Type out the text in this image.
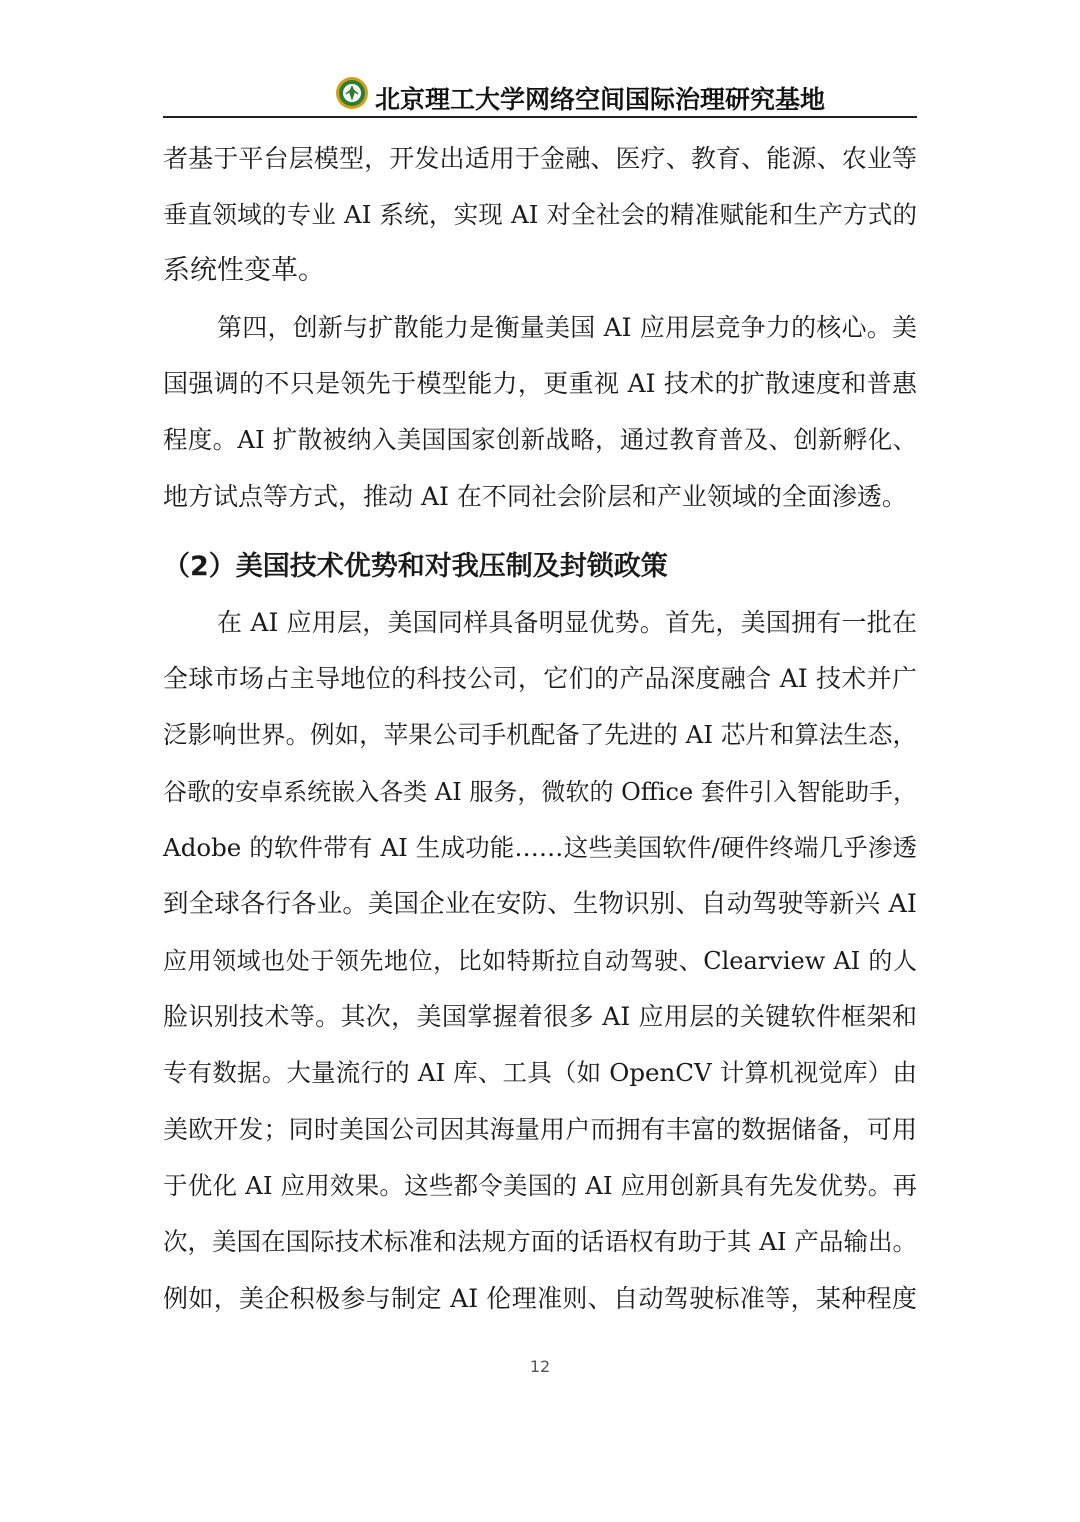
北京理工大学网络空间国际治理研究基地
者基于平台层模型，开发出适用于金融、医疗、教育、能源、农业等
垂直领域的专业 AI 系统，实现 AI 对全社会的精准赋能和生产方式的
系统性变革。
第四，创新与扩散能力是衡量美国 AI 应用层竞争力的核心。美
国强调的不只是领先于模型能力，更重视 AI 技术的扩散速度和普惠
程度。AI 扩散被纳入美国国家创新战略，通过教育普及、创新孵化、
地方试点等方式，推动 AI 在不同社会阶层和产业领域的全面渗透。
（2）美国技术优势和对我压制及封锁政策
在 AI 应用层，美国同样具备明显优势。首先，美国拥有一批在
全球市场占主导地位的科技公司，它们的产品深度融合 AI 技术并广
泛影响世界。例如，苹果公司手机配备了先进的 AI 芯片和算法生态，
谷歌的安卓系统嵌入各类 AI 服务，微软的 Office 套件引入智能助手，
Adobe 的软件带有 AI 生成功能……这些美国软件/硬件终端几乎渗透
到全球各行各业。美国企业在安防、生物识别、自动驾驶等新兴 AI
应用领域也处于领先地位，比如特斯拉自动驾驶、Clearview AI 的人
脸识别技术等。其次，美国掌握着很多 AI 应用层的关键软件框架和
专有数据。大量流行的 AI 库、工具（如 OpenCV 计算机视觉库）由
美欧开发；同时美国公司因其海量用户而拥有丰富的数据储备，可用
于优化 AI 应用效果。这些都令美国的 AI 应用创新具有先发优势。再
次，美国在国际技术标准和法规方面的话语权有助于其 AI 产品输出。
例如，美企积极参与制定 AI 伦理准则、自动驾驶标准等，某种程度
12
